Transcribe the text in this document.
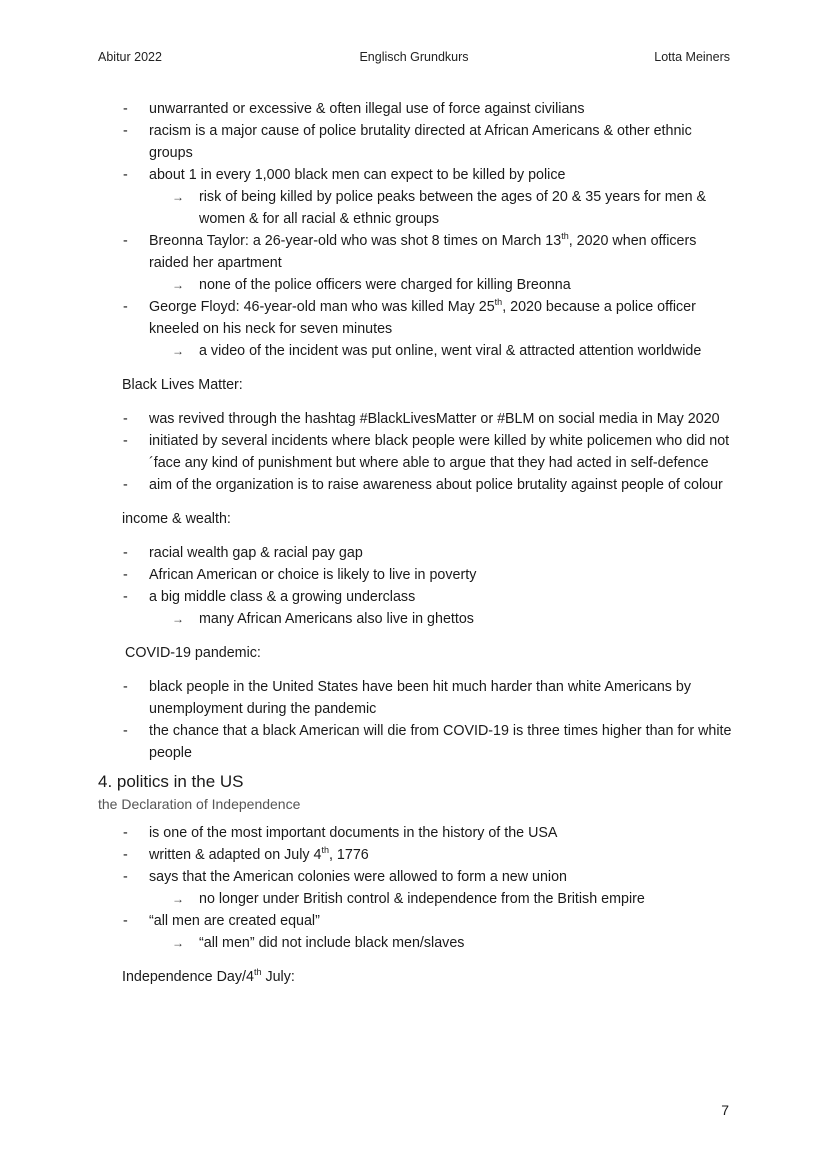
Abitur 2022	Englisch Grundkurs	Lotta Meiners
- unwarranted or excessive & often illegal use of force against civilians
- racism is a major cause of police brutality directed at African Americans & other ethnic groups
- about 1 in every 1,000 black men can expect to be killed by police
→ risk of being killed by police peaks between the ages of 20 & 35 years for men & women & for all racial & ethnic groups
- Breonna Taylor: a 26-year-old who was shot 8 times on March 13th, 2020 when officers raided her apartment
→ none of the police officers were charged for killing Breonna
- George Floyd: 46-year-old man who was killed May 25th, 2020 because a police officer kneeled on his neck for seven minutes
→ a video of the incident was put online, went viral & attracted attention worldwide
Black Lives Matter:
- was revived through the hashtag #BlackLivesMatter or #BLM on social media in May 2020
- initiated by several incidents where black people were killed by white policemen who did not ´face any kind of punishment but where able to argue that they had acted in self-defence
- aim of the organization is to raise awareness about police brutality against people of colour
income & wealth:
- racial wealth gap & racial pay gap
- African American or choice is likely to live in poverty
- a big middle class & a growing underclass
→ many African Americans also live in ghettos
COVID-19 pandemic:
- black people in the United States have been hit much harder than white Americans by unemployment during the pandemic
- the chance that a black American will die from COVID-19 is three times higher than for white people
4. politics in the US
the Declaration of Independence
- is one of the most important documents in the history of the USA
- written & adapted on July 4th, 1776
- says that the American colonies were allowed to form a new union
→ no longer under British control & independence from the British empire
- “all men are created equal”
→ “all men” did not include black men/slaves
Independence Day/4th July:
7
